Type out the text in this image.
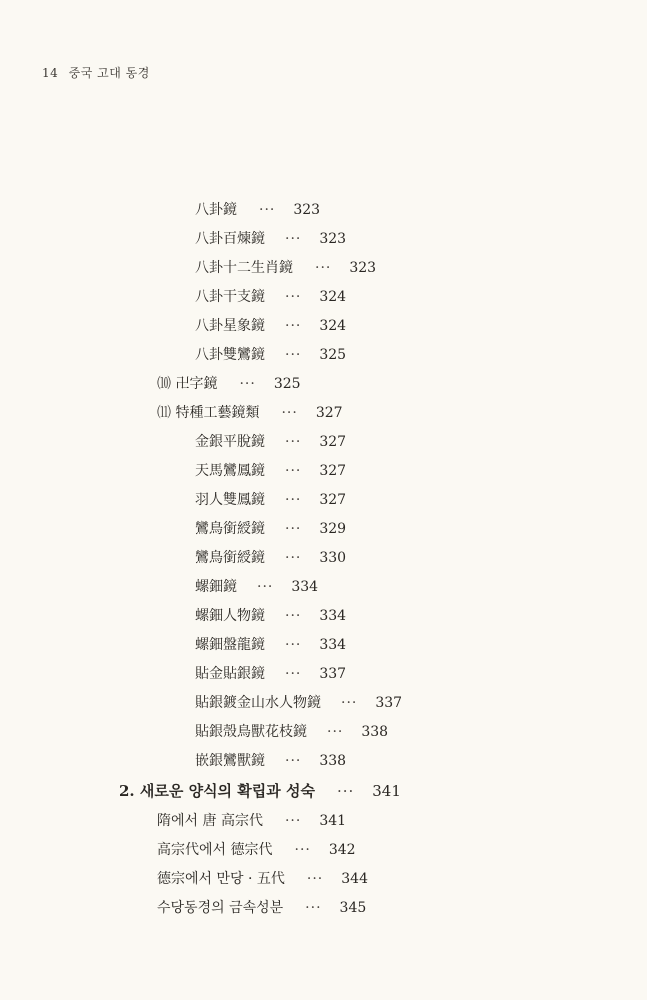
14 중국 고대 동경
八卦鏡 ··· 323
八卦百煉鏡 ··· 323
八卦十二生肖鏡 ··· 323
八卦干支鏡 ··· 324
八卦星象鏡 ··· 324
八卦雙鸞鏡 ··· 325
⑽ 卍字鏡 ··· 325
⑾ 特種工藝鏡類 ··· 327
金銀平脫鏡 ··· 327
天馬鸞鳳鏡 ··· 327
羽人雙鳳鏡 ··· 327
鸞鳥銜綬鏡 ··· 329
鸞鳥銜綬鏡 ··· 330
螺鈿鏡 ··· 334
螺鈿人物鏡 ··· 334
螺鈿盤龍鏡 ··· 334
貼金貼銀鏡 ··· 337
貼銀鍍金山水人物鏡 ··· 337
貼銀殼鳥獸花枝鏡 ··· 338
嵌銀鸞獸鏡 ··· 338
2. 새로운 양식의 확립과 성숙 ··· 341
隋에서 唐 高宗代 ··· 341
高宗代에서 德宗代 ··· 342
德宗에서 만당 · 五代 ··· 344
수당동경의 금속성분 ··· 345
